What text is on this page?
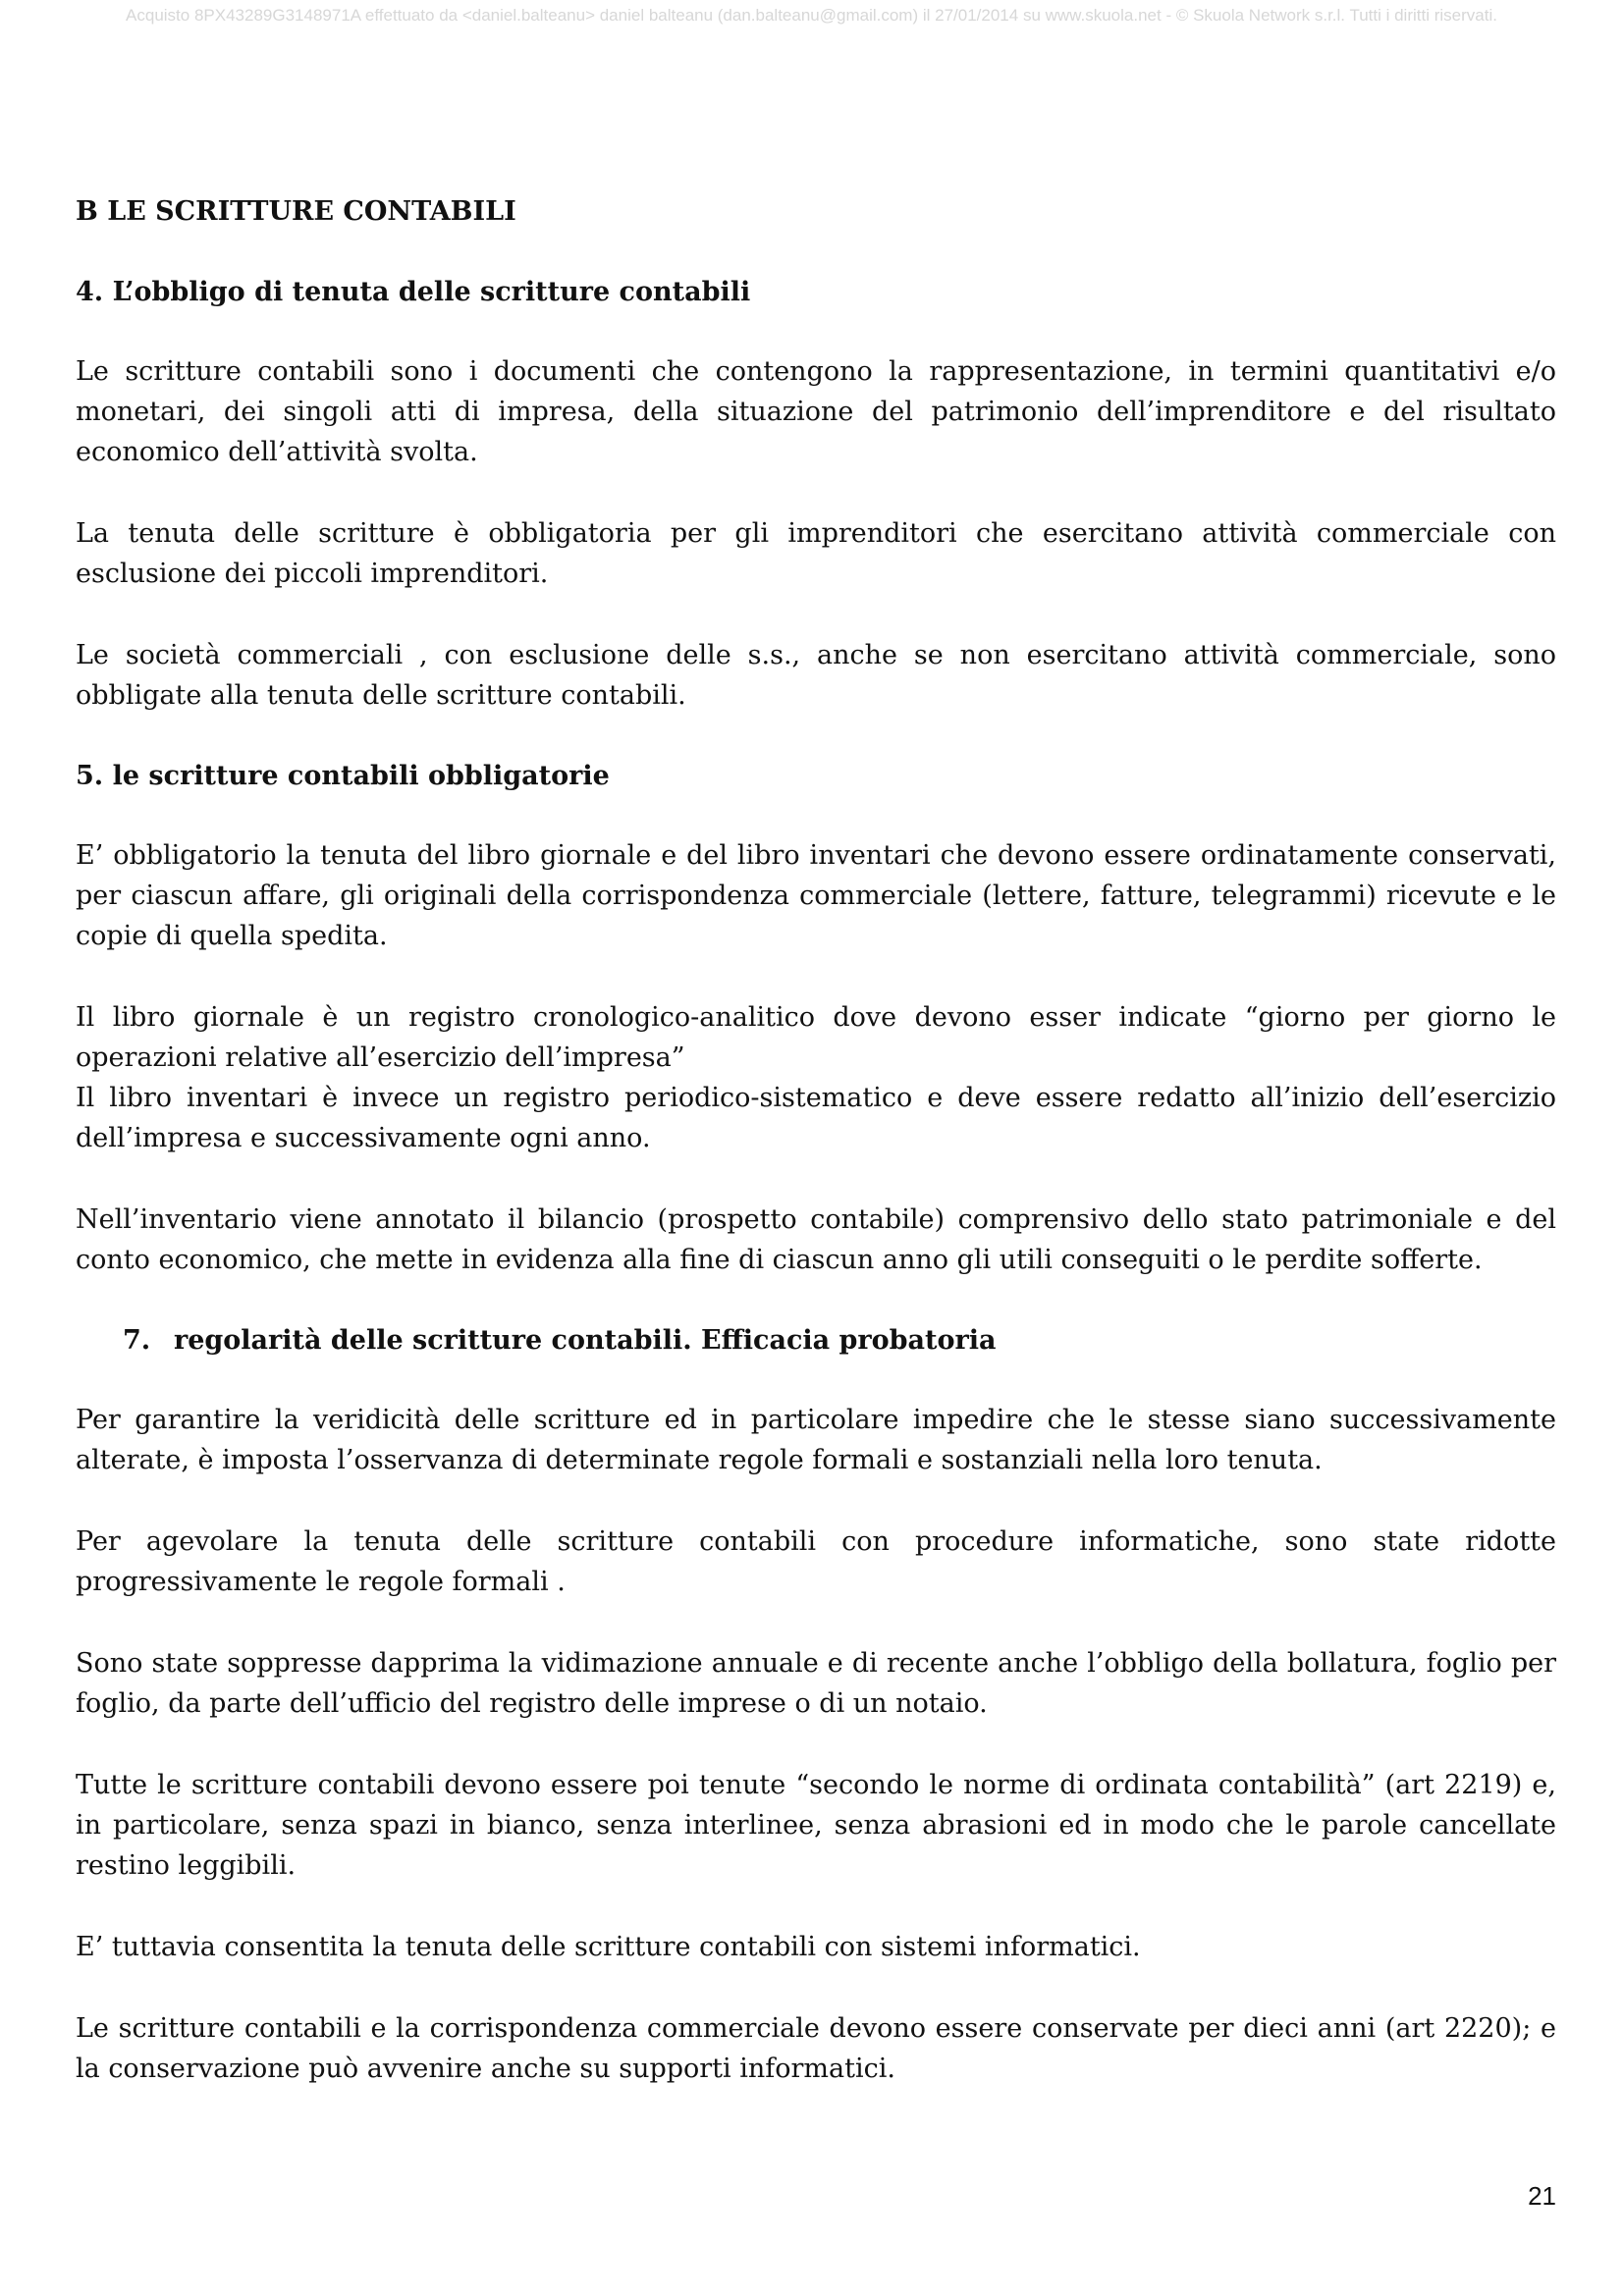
Acquisto 8PX43289G3148971A effettuato da <daniel.balteanu> daniel balteanu (dan.balteanu@gmail.com) il 27/01/2014 su www.skuola.net - © Skuola Network s.r.l. Tutti i diritti riservati.
B LE SCRITTURE CONTABILI
4. L’obbligo di tenuta delle scritture contabili

Le scritture contabili sono i documenti che contengono la rappresentazione, in termini quantitativi e/o monetari, dei singoli atti di impresa, della situazione del patrimonio dell’imprenditore e del risultato economico dell’attività svolta.

La tenuta delle scritture è obbligatoria per gli imprenditori che esercitano attività commerciale con esclusione dei piccoli imprenditori.

Le società commerciali , con esclusione delle s.s., anche se non esercitano attività commerciale, sono obbligate alla tenuta delle scritture contabili.

5. le scritture contabili obbligatorie

E’ obbligatorio la tenuta del libro giornale e del libro inventari che devono essere ordinatamente conservati, per ciascun affare, gli originali della corrispondenza commerciale (lettere, fatture, telegrammi) ricevute e le copie di quella spedita.

Il libro giornale è un registro cronologico-analitico dove devono esser indicate “giorno per giorno le operazioni relative all’esercizio dell’impresa”

Il libro inventari è invece un registro periodico-sistematico e deve essere redatto all’inizio dell’esercizio dell’impresa e successivamente ogni anno.

Nell’inventario viene annotato il bilancio (prospetto contabile) comprensivo dello stato patrimoniale e del conto economico, che mette in evidenza alla fine di ciascun anno gli utili conseguiti o le perdite sofferte.

7. regolarità delle scritture contabili. Efficacia probatoria

Per garantire la veridicità delle scritture ed in particolare impedire che le stesse siano successivamente alterate, è imposta l’osservanza di determinate regole formali e sostanziali nella loro tenuta.

Per agevolare la tenuta delle scritture contabili con procedure informatiche, sono state ridotte progressivamente le regole formali .

Sono state soppresse dapprima la vidimazione annuale e di recente anche l’obbligo della bollatura, foglio per foglio, da parte dell’ufficio del registro delle imprese o di un notaio.

Tutte le scritture contabili devono essere poi tenute “secondo le norme di ordinata contabilità” (art 2219) e, in particolare, senza spazi in bianco, senza interlinee, senza abrasioni ed in modo che le parole cancellate restino leggibili.

E’ tuttavia consentita la tenuta delle scritture contabili con sistemi informatici.

Le scritture contabili e la corrispondenza commerciale devono essere conservate per dieci anni (art 2220); e la conservazione può avvenire anche su supporti informatici.

21
